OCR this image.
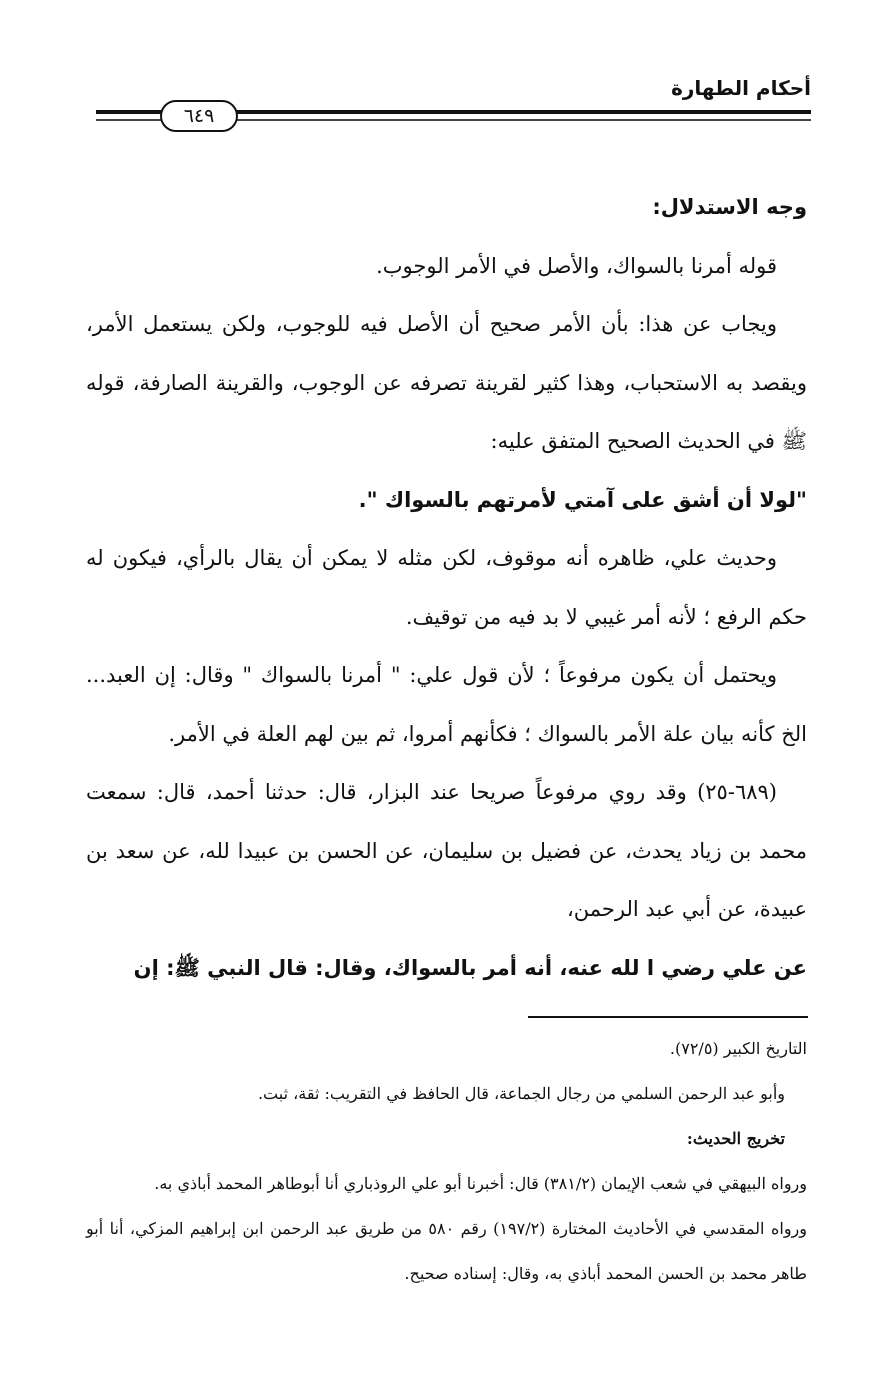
أحكام الطهارة
٦٤٩

وجه الاستدلال:

قوله أمرنا بالسواك، والأصل في الأمر الوجوب.

ويجاب عن هذا: بأن الأمر صحيح أن الأصل فيه للوجوب، ولكن يستعمل الأمر، ويقصد به الاستحباب، وهذا كثير لقرينة تصرفه عن الوجوب، والقرينة الصارفة، قوله ﷺ في الحديث الصحيح المتفق عليه:

"لولا أن أشق على آمتي لأمرتهم بالسواك ".

وحديث علي، ظاهره أنه موقوف، لكن مثله لا يمكن أن يقال بالرأي، فيكون له حكم الرفع ؛ لأنه أمر غيبي لا بد فيه من توقيف.

ويحتمل أن يكون مرفوعاً ؛ لأن قول علي: " أمرنا بالسواك " وقال: إن العبد... الخ كأنه بيان علة الأمر بالسواك ؛ فكأنهم أمروا، ثم بين لهم العلة في الأمر.

(٦٨٩-٢٥) وقد روي مرفوعاً صريحا عند البزار، قال: حدثنا أحمد، قال: سمعت محمد بن زياد يحدث، عن فضيل بن سليمان، عن الحسن بن عبيدا لله، عن سعد بن عبيدة، عن أبي عبد الرحمن،

عن علي رضي ا لله عنه، أنه أمر بالسواك، وقال: قال النبي ﷺ: إن

التاريخ الكبير (٧٢/٥).

وأبو عبد الرحمن السلمي من رجال الجماعة، قال الحافظ في التقريب: ثقة، ثبت.

تخريج الحديث:

ورواه البيهقي في شعب الإيمان (٣٨١/٢) قال: أخبرنا أبو علي الروذباري أنا أبوطاهر المحمد أباذي به.

ورواه المقدسي في الأحاديث المختارة (١٩٧/٢) رقم ٥٨٠ من طريق عبد الرحمن ابن إبراهيم المزكي، أنا أبو طاهر محمد بن الحسن المحمد أباذي به، وقال: إسناده صحيح.
